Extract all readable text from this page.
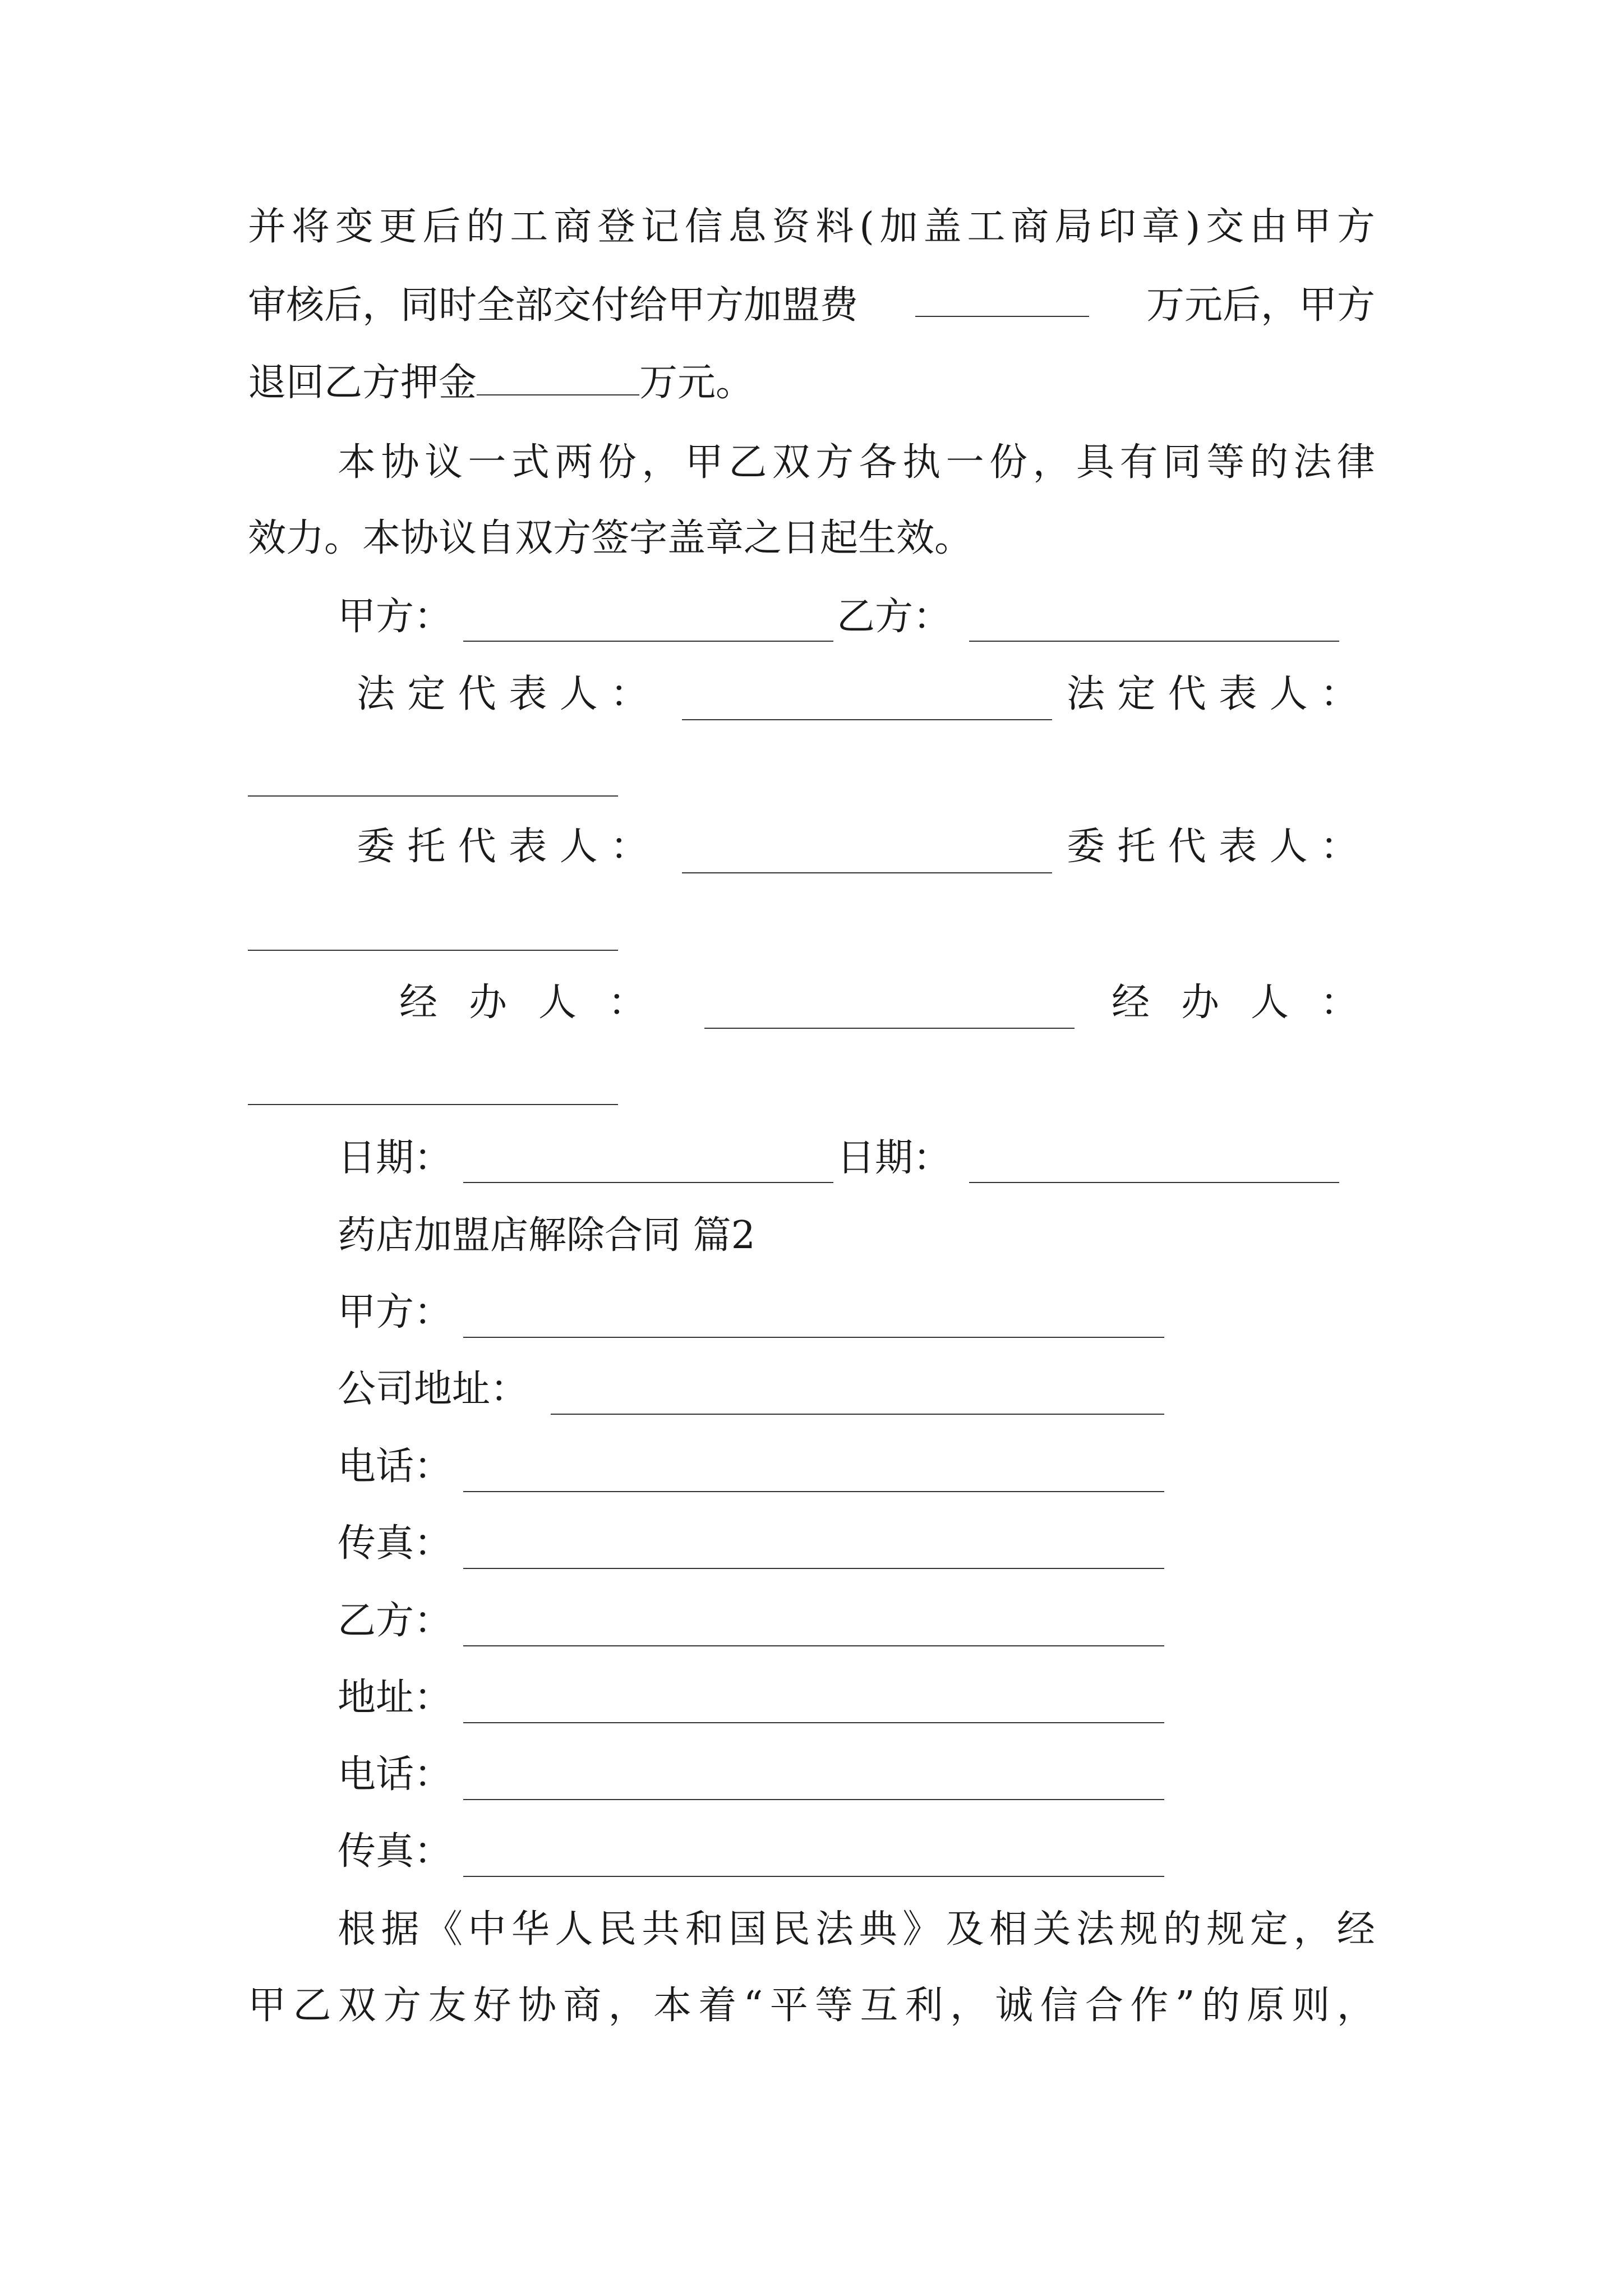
并 将 变 更 后 的 工 商 登 记 信 息 资 料 ( 加 盖 工 商 局 印 章 ) 交 由 甲 方
审核后，同时全部交付给甲方加盟费	万元后，甲方
退回乙方押金	万元。
本 协 议 一 式 两 份 ， 甲 乙 双 方 各 执 一 份 ， 具 有 同 等 的 法 律
效力。本协议自双方签字盖章之日起生效。
甲方：	乙方：
法 定 代 表 人 ：	法 定 代 表 人 ：
委 托 代 表 人 ：	委 托 代 表 人 ：
经 办 人 ：	经 办 人 ：
日期：	日期：
药店加盟店解除合同 篇2
甲方：
公司地址：
电话：
传真：
乙方：
地址：
电话：
传真：
根 据 《 中 华 人 民 共 和 国 民 法 典 》 及 相 关 法 规 的 规 定 ， 经
甲 乙 双 方 友 好 协 商 ， 本 着 “ 平 等 互 利 ， 诚 信 合 作 ” 的 原 则 ，
